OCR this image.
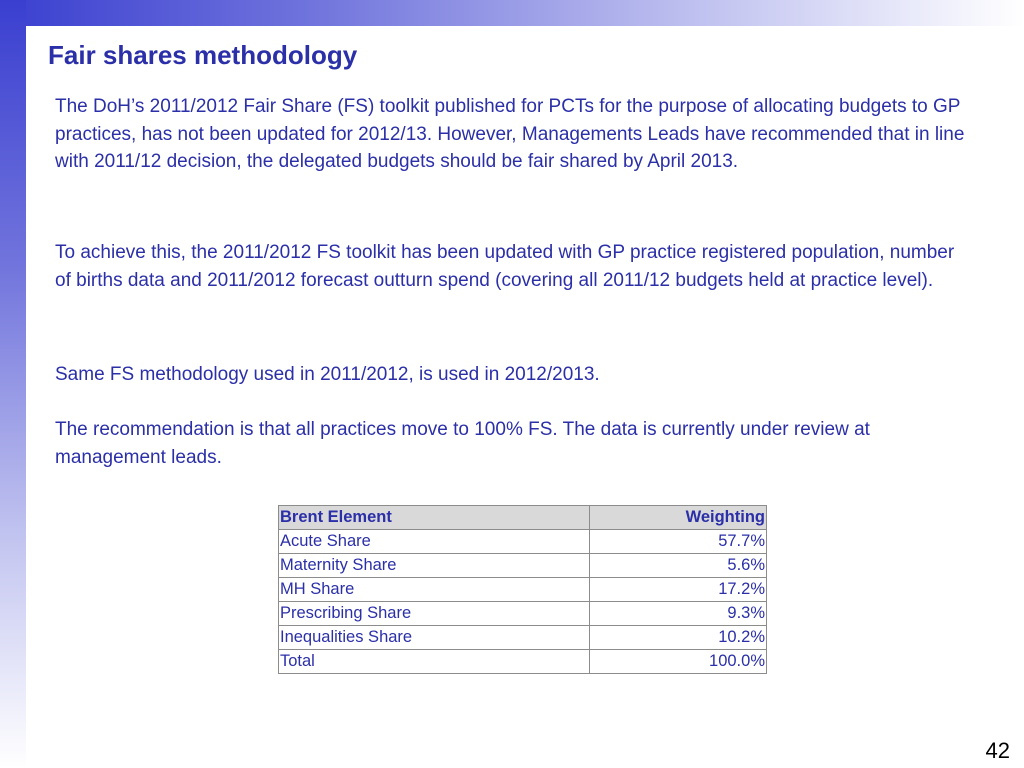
Fair shares methodology

The DoH’s 2011/2012 Fair Share (FS) toolkit published for PCTs for the purpose of allocating budgets to GP practices, has not been updated for 2012/13. However, Managements Leads have recommended that in line with 2011/12 decision, the delegated budgets should be fair shared by April 2013.

To achieve this, the 2011/2012 FS toolkit has been updated with GP practice registered population, number of births data and 2011/2012 forecast outturn spend (covering all 2011/12 budgets held at practice level).

Same FS methodology used in 2011/2012, is used in 2012/2013.

The recommendation is that all practices move to 100% FS. The data is currently under review at management leads.

Brent Element	Weighting
Acute Share	57.7%
Maternity Share	5.6%
MH Share	17.2%
Prescribing Share	9.3%
Inequalities Share	10.2%
Total	100.0%
42
